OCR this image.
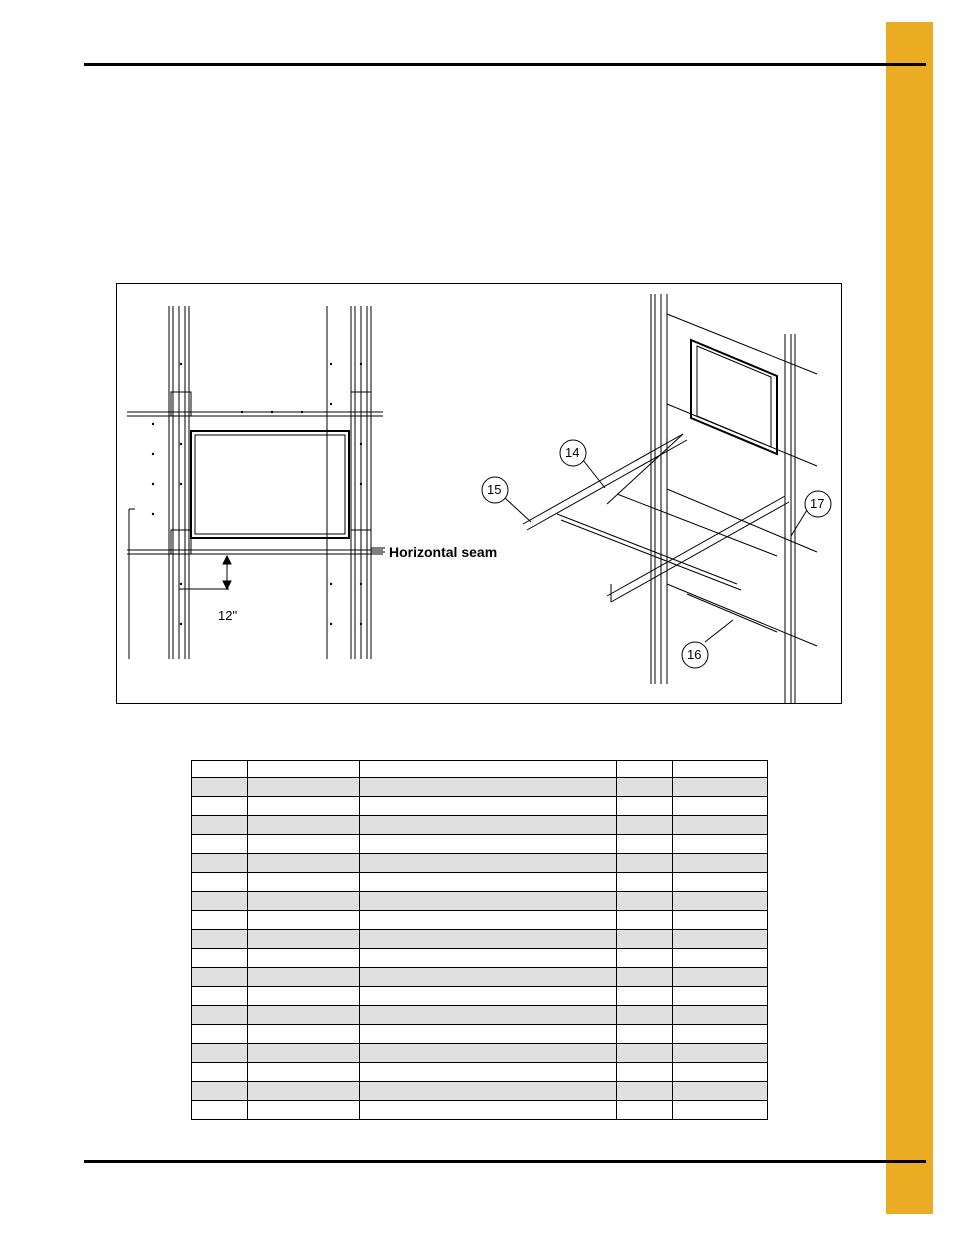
Horizontal seam
12"
14
15
16
17
